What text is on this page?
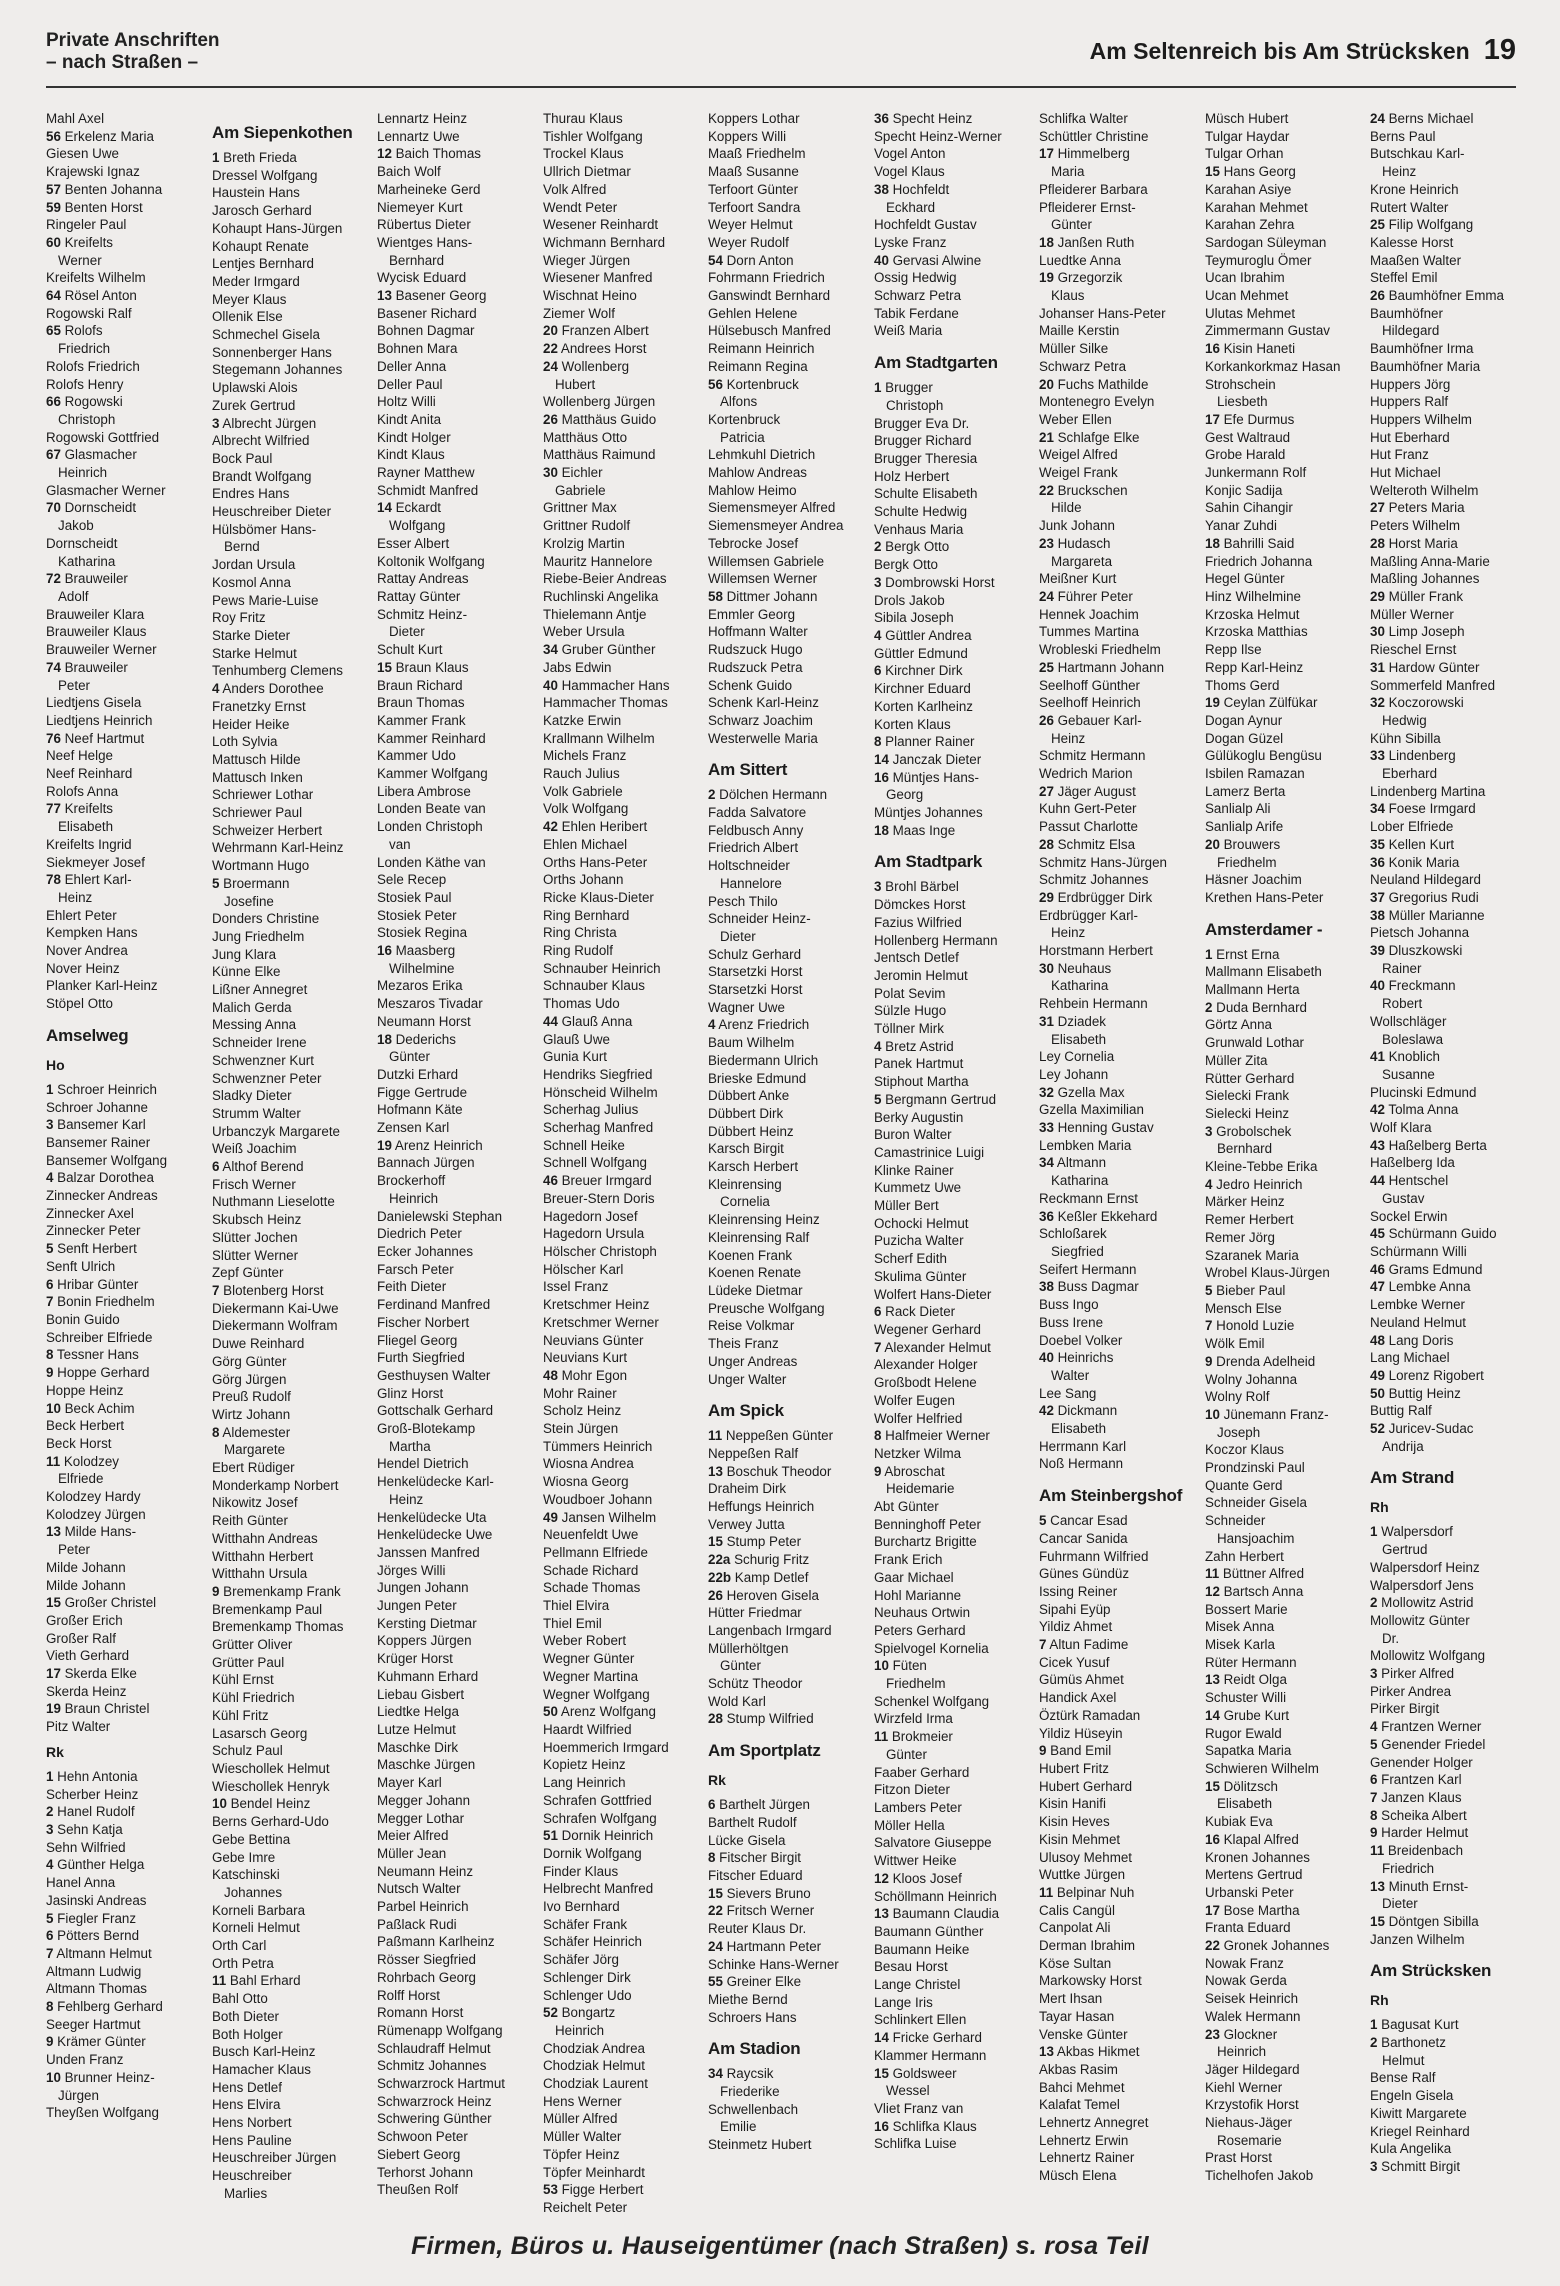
Private Anschriften
– nach Straßen –	Am Seltenreich bis Am Strücksken 19

Mahl Axel

56 Erkelenz Maria

Giesen Uwe

Krajewski Ignaz

57 Benten Johanna

59 Benten Horst

Ringeler Paul

60 Kreifelts

Werner

Kreifelts Wilhelm

64 Rösel Anton

Rogowski Ralf

65 Rolofs

Friedrich

Rolofs Friedrich

Rolofs Henry

66 Rogowski

Christoph

Rogowski Gottfried

67 Glasmacher

Heinrich

Glasmacher Werner

70 Dornscheidt

Jakob

Dornscheidt

Katharina

72 Brauweiler

Adolf

Brauweiler Klara

Brauweiler Klaus

Brauweiler Werner

74 Brauweiler

Peter

Liedtjens Gisela

Liedtjens Heinrich

76 Neef Hartmut

Neef Helge

Neef Reinhard

Rolofs Anna

77 Kreifelts

Elisabeth

Kreifelts Ingrid

Siekmeyer Josef

78 Ehlert Karl-

Heinz

Ehlert Peter

Kempken Hans

Nover Andrea

Nover Heinz

Planker Karl-Heinz

Stöpel Otto

Amselweg

Ho

1 Schroer Heinrich

Schroer Johanne

3 Bansemer Karl

Bansemer Rainer

Bansemer Wolfgang

4 Balzar Dorothea

Zinnecker Andreas

Zinnecker Axel

Zinnecker Peter

5 Senft Herbert

Senft Ulrich

6 Hribar Günter

7 Bonin Friedhelm

Bonin Guido

Schreiber Elfriede

8 Tessner Hans

9 Hoppe Gerhard

Hoppe Heinz

10 Beck Achim

Beck Herbert

Beck Horst

11 Kolodzey

Elfriede

Kolodzey Hardy

Kolodzey Jürgen

13 Milde Hans-

Peter

Milde Johann

Milde Johann

15 Großer Christel

Großer Erich

Großer Ralf

Vieth Gerhard

17 Skerda Elke

Skerda Heinz

19 Braun Christel

Pitz Walter

Rk

1 Hehn Antonia

Scherber Heinz

2 Hanel Rudolf

3 Sehn Katja

Sehn Wilfried

4 Günther Helga

Hanel Anna

Jasinski Andreas

5 Fiegler Franz

6 Pötters Bernd

7 Altmann Helmut

Altmann Ludwig

Altmann Thomas

8 Fehlberg Gerhard

Seeger Hartmut

9 Krämer Günter

Unden Franz

10 Brunner Heinz-

Jürgen

Theyßen Wolfgang

Am Siepenkothen

1 Breth Frieda

Dressel Wolfgang

Haustein Hans

Jarosch Gerhard

Kohaupt Hans-Jürgen

Kohaupt Renate

Lentjes Bernhard

Meder Irmgard

Meyer Klaus

Ollenik Else

Schmechel Gisela

Sonnenberger Hans

Stegemann Johannes

Uplawski Alois

Zurek Gertrud

3 Albrecht Jürgen

Albrecht Wilfried

Bock Paul

Brandt Wolfgang

Endres Hans

Heuschreiber Dieter

Hülsbömer Hans-

Bernd

Jordan Ursula

Kosmol Anna

Pews Marie-Luise

Roy Fritz

Starke Dieter

Starke Helmut

Tenhumberg Clemens

4 Anders Dorothee

Franetzky Ernst

Heider Heike

Loth Sylvia

Mattusch Hilde

Mattusch Inken

Schriewer Lothar

Schriewer Paul

Schweizer Herbert

Wehrmann Karl-Heinz

Wortmann Hugo

5 Broermann

Josefine

Donders Christine

Jung Friedhelm

Jung Klara

Künne Elke

Lißner Annegret

Malich Gerda

Messing Anna

Schneider Irene

Schwenzner Kurt

Schwenzner Peter

Sladky Dieter

Strumm Walter

Urbanczyk Margarete

Weiß Joachim

6 Althof Berend

Frisch Werner

Nuthmann Lieselotte

Skubsch Heinz

Slütter Jochen

Slütter Werner

Zepf Günter

7 Blotenberg Horst

Diekermann Kai-Uwe

Diekermann Wolfram

Duwe Reinhard

Görg Günter

Görg Jürgen

Preuß Rudolf

Wirtz Johann

8 Aldemester

Margarete

Ebert Rüdiger

Monderkamp Norbert

Nikowitz Josef

Reith Günter

Witthahn Andreas

Witthahn Herbert

Witthahn Ursula

9 Bremenkamp Frank

Bremenkamp Paul

Bremenkamp Thomas

Grütter Oliver

Grütter Paul

Kühl Ernst

Kühl Friedrich

Kühl Fritz

Lasarsch Georg

Schulz Paul

Wieschollek Helmut

Wieschollek Henryk

10 Bendel Heinz

Berns Gerhard-Udo

Gebe Bettina

Gebe Imre

Katschinski

Johannes

Korneli Barbara

Korneli Helmut

Orth Carl

Orth Petra

11 Bahl Erhard

Bahl Otto

Both Dieter

Both Holger

Busch Karl-Heinz

Hamacher Klaus

Hens Detlef

Hens Elvira

Hens Norbert

Hens Pauline

Heuschreiber Jürgen

Heuschreiber

Marlies

Lennartz Heinz

Lennartz Uwe

12 Baich Thomas

Baich Wolf

Marheineke Gerd

Niemeyer Kurt

Rübertus Dieter

Wientges Hans-

Bernhard

Wycisk Eduard

13 Basener Georg

Basener Richard

Bohnen Dagmar

Bohnen Mara

Deller Anna

Deller Paul

Holtz Willi

Kindt Anita

Kindt Holger

Kindt Klaus

Rayner Matthew

Schmidt Manfred

14 Eckardt

Wolfgang

Esser Albert

Koltonik Wolfgang

Rattay Andreas

Rattay Günter

Schmitz Heinz-

Dieter

Schult Kurt

15 Braun Klaus

Braun Richard

Braun Thomas

Kammer Frank

Kammer Reinhard

Kammer Udo

Kammer Wolfgang

Libera Ambrose

Londen Beate van

Londen Christoph

van

Londen Käthe van

Sele Recep

Stosiek Paul

Stosiek Peter

Stosiek Regina

16 Maasberg

Wilhelmine

Mezaros Erika

Meszaros Tivadar

Neumann Horst

18 Dederichs

Günter

Dutzki Erhard

Figge Gertrude

Hofmann Käte

Zensen Karl

19 Arenz Heinrich

Bannach Jürgen

Brockerhoff

Heinrich

Danielewski Stephan

Diedrich Peter

Ecker Johannes

Farsch Peter

Feith Dieter

Ferdinand Manfred

Fischer Norbert

Fliegel Georg

Furth Siegfried

Gesthuysen Walter

Glinz Horst

Gottschalk Gerhard

Groß-Blotekamp

Martha

Hendel Dietrich

Henkelüdecke Karl-

Heinz

Henkelüdecke Uta

Henkelüdecke Uwe

Janssen Manfred

Jörges Willi

Jungen Johann

Jungen Peter

Kersting Dietmar

Koppers Jürgen

Krüger Horst

Kuhmann Erhard

Liebau Gisbert

Liedtke Helga

Lutze Helmut

Maschke Dirk

Maschke Jürgen

Mayer Karl

Megger Johann

Megger Lothar

Meier Alfred

Müller Jean

Neumann Heinz

Nutsch Walter

Parbel Heinrich

Paßlack Rudi

Paßmann Karlheinz

Rösser Siegfried

Rohrbach Georg

Rolff Horst

Romann Horst

Rümenapp Wolfgang

Schlaudraff Helmut

Schmitz Johannes

Schwarzrock Hartmut

Schwarzrock Heinz

Schwering Günther

Schwoon Peter

Siebert Georg

Terhorst Johann

Theußen Rolf

Thurau Klaus

Tishler Wolfgang

Trockel Klaus

Ullrich Dietmar

Volk Alfred

Wendt Peter

Wesener Reinhardt

Wichmann Bernhard

Wieger Jürgen

Wiesener Manfred

Wischnat Heino

Ziemer Wolf

20 Franzen Albert

22 Andrees Horst

24 Wollenberg

Hubert

Wollenberg Jürgen

26 Matthäus Guido

Matthäus Otto

Matthäus Raimund

30 Eichler

Gabriele

Grittner Max

Grittner Rudolf

Krolzig Martin

Mauritz Hannelore

Riebe-Beier Andreas

Ruchlinski Angelika

Thielemann Antje

Weber Ursula

34 Gruber Günther

Jabs Edwin

40 Hammacher Hans

Hammacher Thomas

Katzke Erwin

Krallmann Wilhelm

Michels Franz

Rauch Julius

Volk Gabriele

Volk Wolfgang

42 Ehlen Heribert

Ehlen Michael

Orths Hans-Peter

Orths Johann

Ricke Klaus-Dieter

Ring Bernhard

Ring Christa

Ring Rudolf

Schnauber Heinrich

Schnauber Klaus

Thomas Udo

44 Glauß Anna

Glauß Uwe

Gunia Kurt

Hendriks Siegfried

Hönscheid Wilhelm

Scherhag Julius

Scherhag Manfred

Schnell Heike

Schnell Wolfgang

46 Breuer Irmgard

Breuer-Stern Doris

Hagedorn Josef

Hagedorn Ursula

Hölscher Christoph

Hölscher Karl

Issel Franz

Kretschmer Heinz

Kretschmer Werner

Neuvians Günter

Neuvians Kurt

48 Mohr Egon

Mohr Rainer

Scholz Heinz

Stein Jürgen

Tümmers Heinrich

Wiosna Andrea

Wiosna Georg

Woudboer Johann

49 Jansen Wilhelm

Neuenfeldt Uwe

Pellmann Elfriede

Schade Richard

Schade Thomas

Thiel Elvira

Thiel Emil

Weber Robert

Wegner Günter

Wegner Martina

Wegner Wolfgang

50 Arenz Wolfgang

Haardt Wilfried

Hoemmerich Irmgard

Kopietz Heinz

Lang Heinrich

Schrafen Gottfried

Schrafen Wolfgang

51 Dornik Heinrich

Dornik Wolfgang

Finder Klaus

Helbrecht Manfred

Ivo Bernhard

Schäfer Frank

Schäfer Heinrich

Schäfer Jörg

Schlenger Dirk

Schlenger Udo

52 Bongartz

Heinrich

Chodziak Andrea

Chodziak Helmut

Chodziak Laurent

Hens Werner

Müller Alfred

Müller Walter

Töpfer Heinz

Töpfer Meinhardt

53 Figge Herbert

Reichelt Peter

Koppers Lothar

Koppers Willi

Maaß Friedhelm

Maaß Susanne

Terfoort Günter

Terfoort Sandra

Weyer Helmut

Weyer Rudolf

54 Dorn Anton

Fohrmann Friedrich

Ganswindt Bernhard

Gehlen Helene

Hülsebusch Manfred

Reimann Heinrich

Reimann Regina

56 Kortenbruck

Alfons

Kortenbruck

Patricia

Lehmkuhl Dietrich

Mahlow Andreas

Mahlow Heimo

Siemensmeyer Alfred

Siemensmeyer Andrea

Tebrocke Josef

Willemsen Gabriele

Willemsen Werner

58 Dittmer Johann

Emmler Georg

Hoffmann Walter

Rudszuck Hugo

Rudszuck Petra

Schenk Guido

Schenk Karl-Heinz

Schwarz Joachim

Westerwelle Maria

Am Sittert

2 Dölchen Hermann

Fadda Salvatore

Feldbusch Anny

Friedrich Albert

Holtschneider

Hannelore

Pesch Thilo

Schneider Heinz-

Dieter

Schulz Gerhard

Starsetzki Horst

Starsetzki Horst

Wagner Uwe

4 Arenz Friedrich

Baum Wilhelm

Biedermann Ulrich

Brieske Edmund

Dübbert Anke

Dübbert Dirk

Dübbert Heinz

Karsch Birgit

Karsch Herbert

Kleinrensing

Cornelia

Kleinrensing Heinz

Kleinrensing Ralf

Koenen Frank

Koenen Renate

Lüdeke Dietmar

Preusche Wolfgang

Reise Volkmar

Theis Franz

Unger Andreas

Unger Walter

Am Spick

11 Neppeßen Günter

Neppeßen Ralf

13 Boschuk Theodor

Draheim Dirk

Heffungs Heinrich

Verwey Jutta

15 Stump Peter

22a Schurig Fritz

22b Kamp Detlef

26 Heroven Gisela

Hütter Friedmar

Langenbach Irmgard

Müllerhöltgen

Günter

Schütz Theodor

Wold Karl

28 Stump Wilfried

Am Sportplatz

Rk

6 Barthelt Jürgen

Barthelt Rudolf

Lücke Gisela

8 Fitscher Birgit

Fitscher Eduard

15 Sievers Bruno

22 Fritsch Werner

Reuter Klaus Dr.

24 Hartmann Peter

Schinke Hans-Werner

55 Greiner Elke

Miethe Bernd

Schroers Hans

Am Stadion

34 Raycsik

Friederike

Schwellenbach

Emilie

Steinmetz Hubert

36 Specht Heinz

Specht Heinz-Werner

Vogel Anton

Vogel Klaus

38 Hochfeldt

Eckhard

Hochfeldt Gustav

Lyske Franz

40 Gervasi Alwine

Ossig Hedwig

Schwarz Petra

Tabik Ferdane

Weiß Maria

Am Stadtgarten

1 Brugger

Christoph

Brugger Eva Dr.

Brugger Richard

Brugger Theresia

Holz Herbert

Schulte Elisabeth

Schulte Hedwig

Venhaus Maria

2 Bergk Otto

Bergk Otto

3 Dombrowski Horst

Drols Jakob

Sibila Joseph

4 Güttler Andrea

Güttler Edmund

6 Kirchner Dirk

Kirchner Eduard

Korten Karlheinz

Korten Klaus

8 Planner Rainer

14 Janczak Dieter

16 Müntjes Hans-

Georg

Müntjes Johannes

18 Maas Inge

Am Stadtpark

3 Brohl Bärbel

Dömckes Horst

Fazius Wilfried

Hollenberg Hermann

Jentsch Detlef

Jeromin Helmut

Polat Sevim

Sülzle Hugo

Töllner Mirk

4 Bretz Astrid

Panek Hartmut

Stiphout Martha

5 Bergmann Gertrud

Berky Augustin

Buron Walter

Camastrinice Luigi

Klinke Rainer

Kummetz Uwe

Müller Bert

Ochocki Helmut

Puzicha Walter

Scherf Edith

Skulima Günter

Wolfert Hans-Dieter

6 Rack Dieter

Wegener Gerhard

7 Alexander Helmut

Alexander Holger

Großbodt Helene

Wolfer Eugen

Wolfer Helfried

8 Halfmeier Werner

Netzker Wilma

9 Abroschat

Heidemarie

Abt Günter

Benninghoff Peter

Burchartz Brigitte

Frank Erich

Gaar Michael

Hohl Marianne

Neuhaus Ortwin

Peters Gerhard

Spielvogel Kornelia

10 Füten

Friedhelm

Schenkel Wolfgang

Wirzfeld Irma

11 Brokmeier

Günter

Faaber Gerhard

Fitzon Dieter

Lambers Peter

Möller Hella

Salvatore Giuseppe

Wittwer Heike

12 Kloos Josef

Schöllmann Heinrich

13 Baumann Claudia

Baumann Günther

Baumann Heike

Besau Horst

Lange Christel

Lange Iris

Schlinkert Ellen

14 Fricke Gerhard

Klammer Hermann

15 Goldsweer

Wessel

Vliet Franz van

16 Schlifka Klaus

Schlifka Luise

Schlifka Walter

Schüttler Christine

17 Himmelberg

Maria

Pfleiderer Barbara

Pfleiderer Ernst-

Günter

18 Janßen Ruth

Luedtke Anna

19 Grzegorzik

Klaus

Johanser Hans-Peter

Maille Kerstin

Müller Silke

Schwarz Petra

20 Fuchs Mathilde

Montenegro Evelyn

Weber Ellen

21 Schlafge Elke

Weigel Alfred

Weigel Frank

22 Bruckschen

Hilde

Junk Johann

23 Hudasch

Margareta

Meißner Kurt

24 Führer Peter

Hennek Joachim

Tummes Martina

Wrobleski Friedhelm

25 Hartmann Johann

Seelhoff Günther

Seelhoff Heinrich

26 Gebauer Karl-

Heinz

Schmitz Hermann

Wedrich Marion

27 Jäger August

Kuhn Gert-Peter

Passut Charlotte

28 Schmitz Elsa

Schmitz Hans-Jürgen

Schmitz Johannes

29 Erdbrügger Dirk

Erdbrügger Karl-

Heinz

Horstmann Herbert

30 Neuhaus

Katharina

Rehbein Hermann

31 Dziadek

Elisabeth

Ley Cornelia

Ley Johann

32 Gzella Max

Gzella Maximilian

33 Henning Gustav

Lembken Maria

34 Altmann

Katharina

Reckmann Ernst

36 Keßler Ekkehard

Schloßarek

Siegfried

Seifert Hermann

38 Buss Dagmar

Buss Ingo

Buss Irene

Doebel Volker

40 Heinrichs

Walter

Lee Sang

42 Dickmann

Elisabeth

Herrmann Karl

Noß Hermann

Am Steinbergshof

5 Cancar Esad

Cancar Sanida

Fuhrmann Wilfried

Günes Gündüz

Issing Reiner

Sipahi Eyüp

Yildiz Ahmet

7 Altun Fadime

Cicek Yusuf

Gümüs Ahmet

Handick Axel

Öztürk Ramadan

Yildiz Hüseyin

9 Band Emil

Hubert Fritz

Hubert Gerhard

Kisin Hanifi

Kisin Heves

Kisin Mehmet

Ulusoy Mehmet

Wuttke Jürgen

11 Belpinar Nuh

Calis Cangül

Canpolat Ali

Derman Ibrahim

Köse Sultan

Markowsky Horst

Mert Ihsan

Tayar Hasan

Venske Günter

13 Akbas Hikmet

Akbas Rasim

Bahci Mehmet

Kalafat Temel

Lehnertz Annegret

Lehnertz Erwin

Lehnertz Rainer

Müsch Elena

Müsch Hubert

Tulgar Haydar

Tulgar Orhan

15 Hans Georg

Karahan Asiye

Karahan Mehmet

Karahan Zehra

Sardogan Süleyman

Teymuroglu Ömer

Ucan Ibrahim

Ucan Mehmet

Ulutas Mehmet

Zimmermann Gustav

16 Kisin Haneti

Korkankorkmaz Hasan

Strohschein

Liesbeth

17 Efe Durmus

Gest Waltraud

Grobe Harald

Junkermann Rolf

Konjic Sadija

Sahin Cihangir

Yanar Zuhdi

18 Bahrilli Said

Friedrich Johanna

Hegel Günter

Hinz Wilhelmine

Krzoska Helmut

Krzoska Matthias

Repp Ilse

Repp Karl-Heinz

Thoms Gerd

19 Ceylan Zülfükar

Dogan Aynur

Dogan Güzel

Gülükoglu Bengüsu

Isbilen Ramazan

Lamerz Berta

Sanlialp Ali

Sanlialp Arife

20 Brouwers

Friedhelm

Häsner Joachim

Krethen Hans-Peter

Amsterdamer -

1 Ernst Erna

Mallmann Elisabeth

Mallmann Herta

2 Duda Bernhard

Görtz Anna

Grunwald Lothar

Müller Zita

Rütter Gerhard

Sielecki Frank

Sielecki Heinz

3 Grobolschek

Bernhard

Kleine-Tebbe Erika

4 Jedro Heinrich

Märker Heinz

Remer Herbert

Remer Jörg

Szaranek Maria

Wrobel Klaus-Jürgen

5 Bieber Paul

Mensch Else

7 Honold Luzie

Wölk Emil

9 Drenda Adelheid

Wolny Johanna

Wolny Rolf

10 Jünemann Franz-

Joseph

Koczor Klaus

Prondzinski Paul

Quante Gerd

Schneider Gisela

Schneider

Hansjoachim

Zahn Herbert

11 Büttner Alfred

12 Bartsch Anna

Bossert Marie

Misek Anna

Misek Karla

Rüter Hermann

13 Reidt Olga

Schuster Willi

14 Grube Kurt

Rugor Ewald

Sapatka Maria

Schwieren Wilhelm

15 Dölitzsch

Elisabeth

Kubiak Eva

16 Klapal Alfred

Kronen Johannes

Mertens Gertrud

Urbanski Peter

17 Bose Martha

Franta Eduard

22 Gronek Johannes

Nowak Franz

Nowak Gerda

Seisek Heinrich

Walek Hermann

23 Glockner

Heinrich

Jäger Hildegard

Kiehl Werner

Krzystofik Horst

Niehaus-Jäger

Rosemarie

Prast Horst

Tichelhofen Jakob

24 Berns Michael

Berns Paul

Butschkau Karl-

Heinz

Krone Heinrich

Rutert Walter

25 Filip Wolfgang

Kalesse Horst

Maaßen Walter

Steffel Emil

26 Baumhöfner Emma

Baumhöfner

Hildegard

Baumhöfner Irma

Baumhöfner Maria

Huppers Jörg

Huppers Ralf

Huppers Wilhelm

Hut Eberhard

Hut Franz

Hut Michael

Welteroth Wilhelm

27 Peters Maria

Peters Wilhelm

28 Horst Maria

Maßling Anna-Marie

Maßling Johannes

29 Müller Frank

Müller Werner

30 Limp Joseph

Rieschel Ernst

31 Hardow Günter

Sommerfeld Manfred

32 Koczorowski

Hedwig

Kühn Sibilla

33 Lindenberg

Eberhard

Lindenberg Martina

34 Foese Irmgard

Lober Elfriede

35 Kellen Kurt

36 Konik Maria

Neuland Hildegard

37 Gregorius Rudi

38 Müller Marianne

Pietsch Johanna

39 Dluszkowski

Rainer

40 Freckmann

Robert

Wollschläger

Boleslawa

41 Knoblich

Susanne

Plucinski Edmund

42 Tolma Anna

Wolf Klara

43 Haßelberg Berta

Haßelberg Ida

44 Hentschel

Gustav

Sockel Erwin

45 Schürmann Guido

Schürmann Willi

46 Grams Edmund

47 Lembke Anna

Lembke Werner

Neuland Helmut

48 Lang Doris

Lang Michael

49 Lorenz Rigobert

50 Buttig Heinz

Buttig Ralf

52 Juricev-Sudac

Andrija

Am Strand

Rh

1 Walpersdorf

Gertrud

Walpersdorf Heinz

Walpersdorf Jens

2 Mollowitz Astrid

Mollowitz Günter

Dr.

Mollowitz Wolfgang

3 Pirker Alfred

Pirker Andrea

Pirker Birgit

4 Frantzen Werner

5 Genender Friedel

Genender Holger

6 Frantzen Karl

7 Janzen Klaus

8 Scheika Albert

9 Harder Helmut

11 Breidenbach

Friedrich

13 Minuth Ernst-

Dieter

15 Döntgen Sibilla

Janzen Wilhelm

Am Strücksken

Rh

1 Bagusat Kurt

2 Barthonetz

Helmut

Bense Ralf

Engeln Gisela

Kiwitt Margarete

Kriegel Reinhard

Kula Angelika

3 Schmitt Birgit

Firmen, Büros u. Hauseigentümer (nach Straßen) s. rosa Teil
